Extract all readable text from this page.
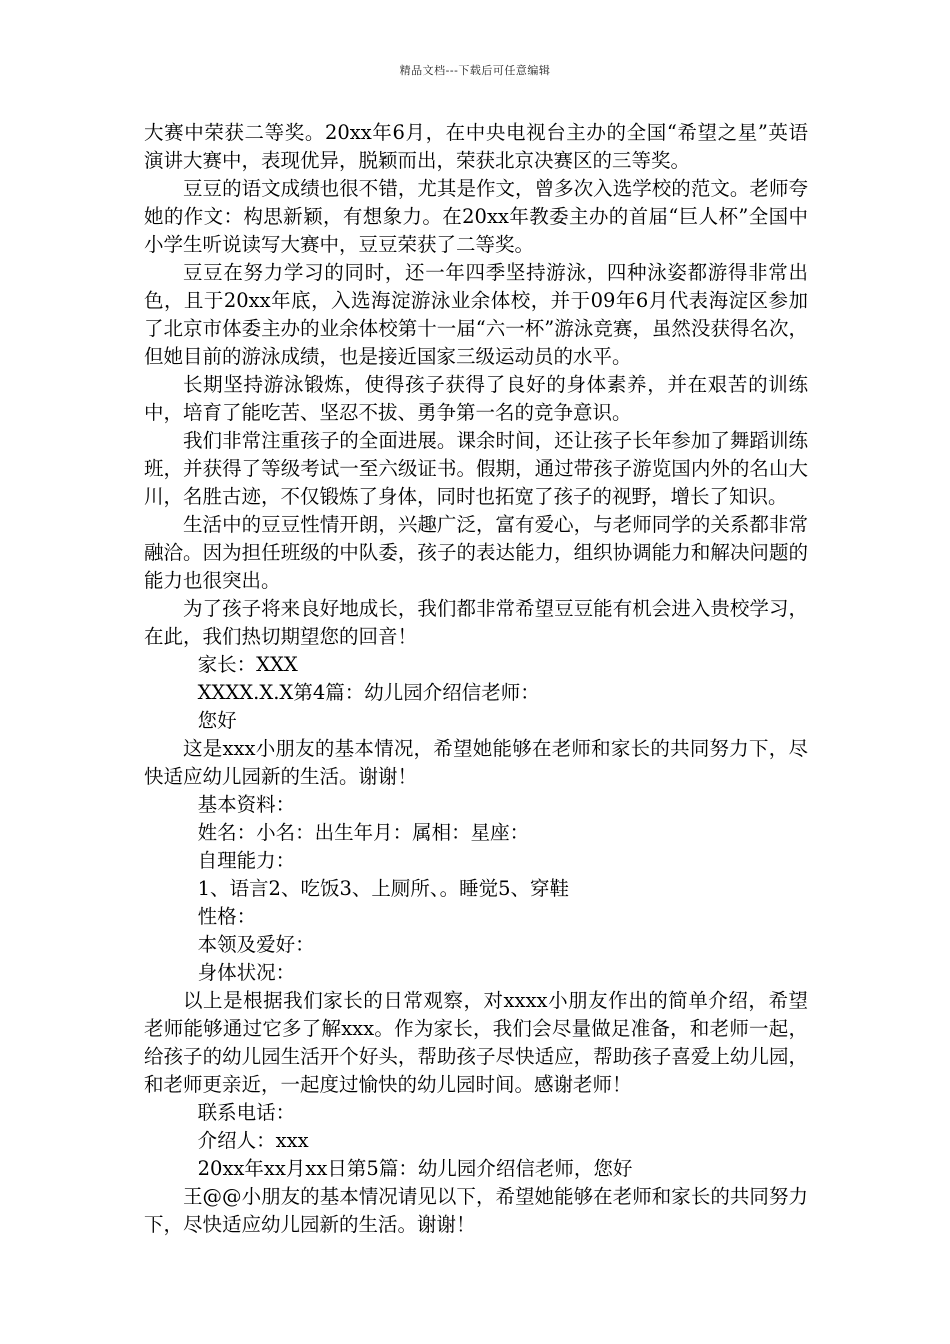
精品文档---下载后可任意编辑

大赛中荣获二等奖。20xx年6月，在中央电视台主办的全国“希望之星”英语演讲大赛中，表现优异，脱颖而出，荣获北京决赛区的三等奖。

豆豆的语文成绩也很不错，尤其是作文，曾多次入选学校的范文。老师夸她的作文：构思新颖，有想象力。在20xx年教委主办的首届“巨人杯”全国中小学生听说读写大赛中，豆豆荣获了二等奖。

豆豆在努力学习的同时，还一年四季坚持游泳，四种泳姿都游得非常出色，且于20xx年底，入选海淀游泳业余体校，并于09年6月代表海淀区参加了北京市体委主办的业余体校第十一届“六一杯”游泳竞赛，虽然没获得名次，但她目前的游泳成绩，也是接近国家三级运动员的水平。

长期坚持游泳锻炼，使得孩子获得了良好的身体素养，并在艰苦的训练中，培育了能吃苦、坚忍不拔、勇争第一名的竞争意识。

我们非常注重孩子的全面进展。课余时间，还让孩子长年参加了舞蹈训练班，并获得了等级考试一至六级证书。假期，通过带孩子游览国内外的名山大川，名胜古迹，不仅锻炼了身体，同时也拓宽了孩子的视野，增长了知识。

生活中的豆豆性情开朗，兴趣广泛，富有爱心，与老师同学的关系都非常融洽。因为担任班级的中队委，孩子的表达能力，组织协调能力和解决问题的能力也很突出。

为了孩子将来良好地成长，我们都非常希望豆豆能有机会进入贵校学习，在此，我们热切期望您的回音！

家长：XXX

XXXX.X.X第4篇：幼儿园介绍信老师：

您好

这是xxx小朋友的基本情况，希望她能够在老师和家长的共同努力下，尽快适应幼儿园新的生活。谢谢！

基本资料：

姓名：小名：出生年月：属相：星座：

自理能力：

1、语言2、吃饭3、上厕所、。睡觉5、穿鞋

性格：

本领及爱好：

身体状况：

以上是根据我们家长的日常观察，对xxxx小朋友作出的简单介绍，希望老师能够通过它多了解xxx。作为家长，我们会尽量做足准备，和老师一起，给孩子的幼儿园生活开个好头，帮助孩子尽快适应，帮助孩子喜爱上幼儿园，和老师更亲近，一起度过愉快的幼儿园时间。感谢老师！

联系电话：

介绍人：xxx

20xx年xx月xx日第5篇：幼儿园介绍信老师，您好

王@@小朋友的基本情况请见以下，希望她能够在老师和家长的共同努力下，尽快适应幼儿园新的生活。谢谢！
